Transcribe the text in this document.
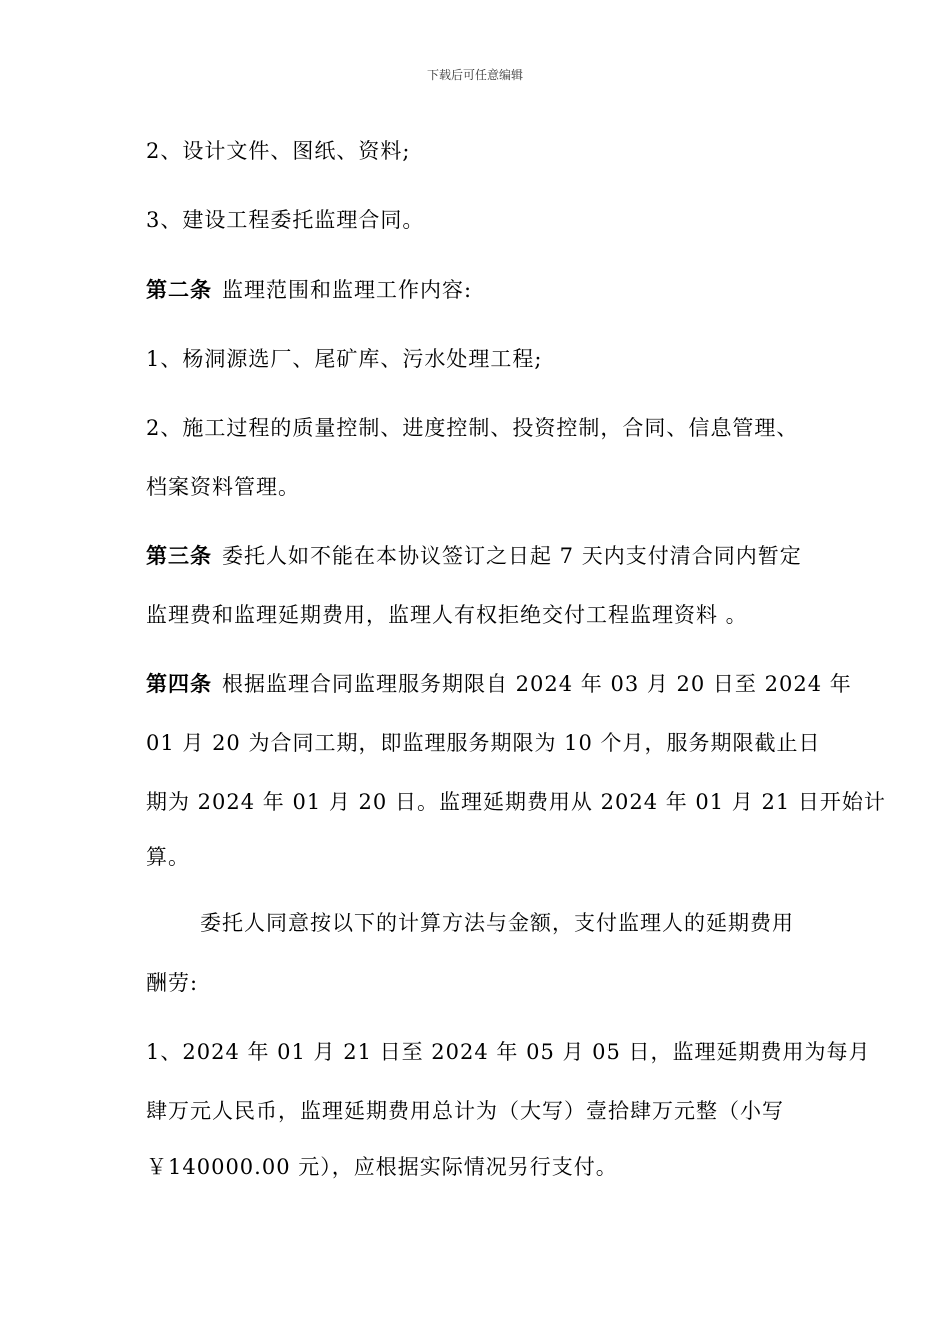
下载后可任意编辑
2、设计文件、图纸、资料;
3、建设工程委托监理合同。
第二条 监理范围和监理工作内容:
1、杨洞源选厂、尾矿库、污水处理工程;
2、施工过程的质量控制、进度控制、投资控制，合同、信息管理、
档案资料管理。
第三条 委托人如不能在本协议签订之日起 7 天内支付清合同内暂定
监理费和监理延期费用，监理人有权拒绝交付工程监理资料 。
第四条 根据监理合同监理服务期限自 2024 年 03 月 20 日至 2024 年
01 月 20 为合同工期，即监理服务期限为 10 个月，服务期限截止日
期为 2024 年 01 月 20 日。监理延期费用从 2024 年 01 月 21 日开始计
算。
委托人同意按以下的计算方法与金额，支付监理人的延期费用
酬劳:
1、2024 年 01 月 21 日至 2024 年 05 月 05 日，监理延期费用为每月
肆万元人民币，监理延期费用总计为（大写）壹拾肆万元整（小写
￥140000.00 元），应根据实际情况另行支付。
